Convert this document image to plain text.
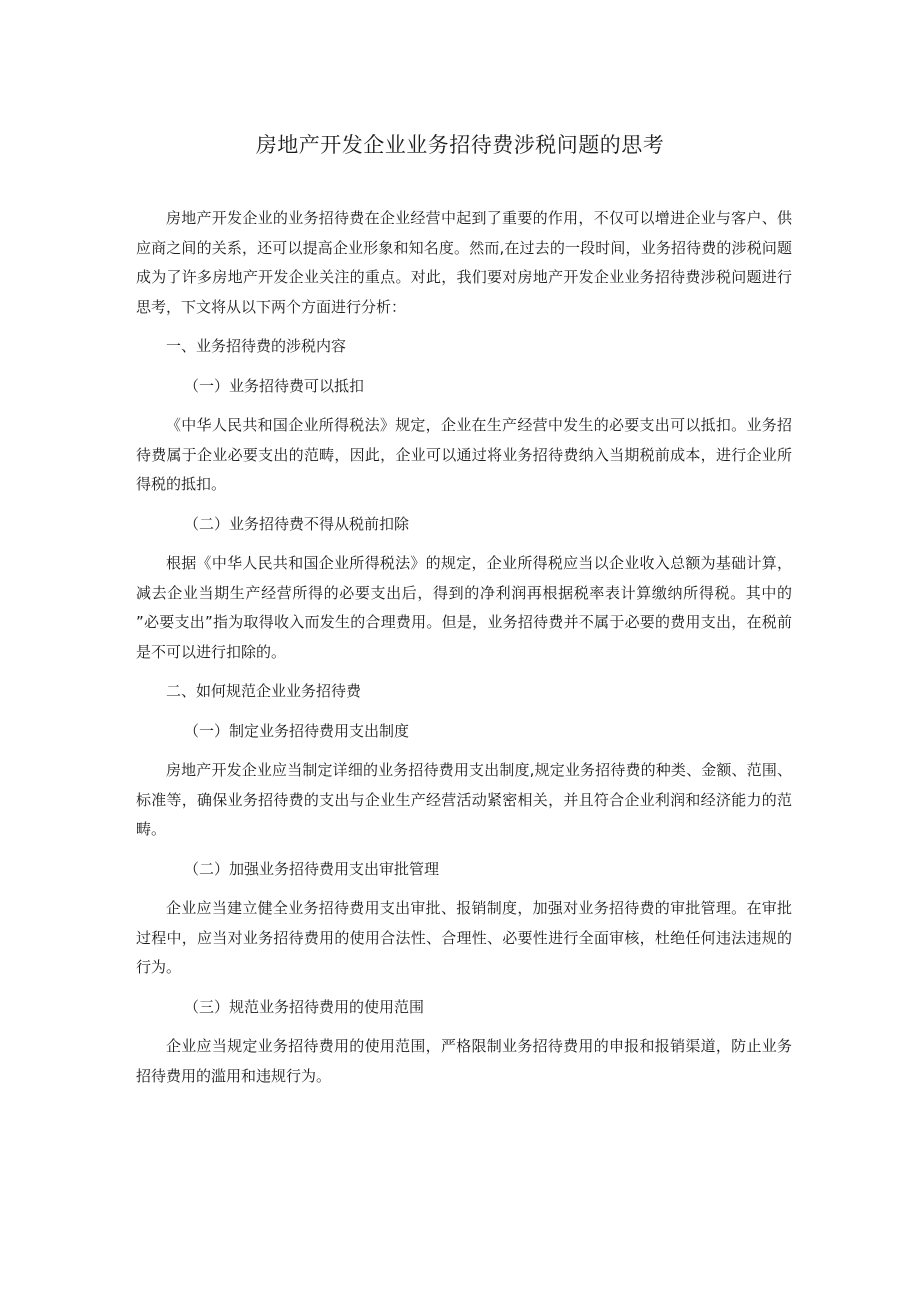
房地产开发企业业务招待费涉税问题的思考

房地产开发企业的业务招待费在企业经营中起到了重要的作用，不仅可以增进企业与客户、供应商之间的关系，还可以提高企业形象和知名度。然而,在过去的一段时间，业务招待费的涉税问题成为了许多房地产开发企业关注的重点。对此，我们要对房地产开发企业业务招待费涉税问题进行思考，下文将从以下两个方面进行分析：

一、业务招待费的涉税内容

（一）业务招待费可以抵扣

《中华人民共和国企业所得税法》规定，企业在生产经营中发生的必要支出可以抵扣。业务招待费属于企业必要支出的范畴，因此，企业可以通过将业务招待费纳入当期税前成本，进行企业所得税的抵扣。

（二）业务招待费不得从税前扣除

根据《中华人民共和国企业所得税法》的规定，企业所得税应当以企业收入总额为基础计算，减去企业当期生产经营所得的必要支出后，得到的净利润再根据税率表计算缴纳所得税。其中的 ”必要支出”指为取得收入而发生的合理费用。但是，业务招待费并不属于必要的费用支出，在税前是不可以进行扣除的。

二、如何规范企业业务招待费

（一）制定业务招待费用支出制度

房地产开发企业应当制定详细的业务招待费用支出制度,规定业务招待费的种类、金额、范围、标准等，确保业务招待费的支出与企业生产经营活动紧密相关，并且符合企业利润和经济能力的范畴。

（二）加强业务招待费用支出审批管理

企业应当建立健全业务招待费用支出审批、报销制度，加强对业务招待费的审批管理。在审批过程中，应当对业务招待费用的使用合法性、合理性、必要性进行全面审核，杜绝任何违法违规的行为。

（三）规范业务招待费用的使用范围

企业应当规定业务招待费用的使用范围，严格限制业务招待费用的申报和报销渠道，防止业务招待费用的滥用和违规行为。
